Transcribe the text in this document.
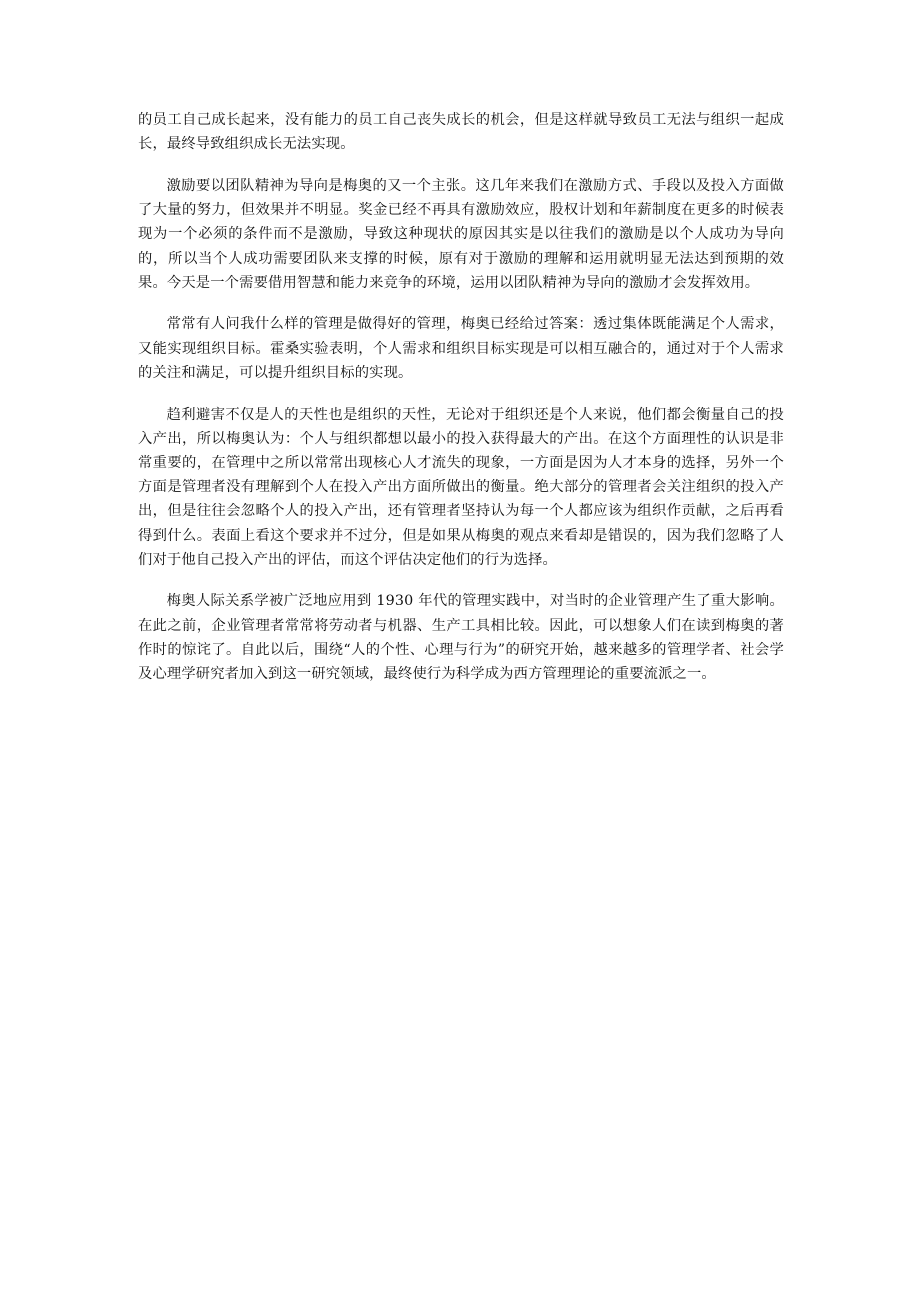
的员工自己成长起来，没有能力的员工自己丧失成长的机会，但是这样就导致员工无法与组织一起成长，最终导致组织成长无法实现。

激励要以团队精神为导向是梅奥的又一个主张。这几年来我们在激励方式、手段以及投入方面做了大量的努力，但效果并不明显。奖金已经不再具有激励效应，股权计划和年薪制度在更多的时候表现为一个必须的条件而不是激励，导致这种现状的原因其实是以往我们的激励是以个人成功为导向的，所以当个人成功需要团队来支撑的时候，原有对于激励的理解和运用就明显无法达到预期的效果。今天是一个需要借用智慧和能力来竞争的环境，运用以团队精神为导向的激励才会发挥效用。

常常有人问我什么样的管理是做得好的管理，梅奥已经给过答案：透过集体既能满足个人需求，又能实现组织目标。霍桑实验表明，个人需求和组织目标实现是可以相互融合的，通过对于个人需求的关注和满足，可以提升组织目标的实现。

趋利避害不仅是人的天性也是组织的天性，无论对于组织还是个人来说，他们都会衡量自己的投入产出，所以梅奥认为：个人与组织都想以最小的投入获得最大的产出。在这个方面理性的认识是非常重要的，在管理中之所以常常出现核心人才流失的现象，一方面是因为人才本身的选择，另外一个方面是管理者没有理解到个人在投入产出方面所做出的衡量。绝大部分的管理者会关注组织的投入产出，但是往往会忽略个人的投入产出，还有管理者坚持认为每一个人都应该为组织作贡献，之后再看得到什么。表面上看这个要求并不过分，但是如果从梅奥的观点来看却是错误的，因为我们忽略了人们对于他自己投入产出的评估，而这个评估决定他们的行为选择。

梅奥人际关系学被广泛地应用到 1930 年代的管理实践中，对当时的企业管理产生了重大影响。在此之前，企业管理者常常将劳动者与机器、生产工具相比较。因此，可以想象人们在读到梅奥的著作时的惊诧了。自此以后，围绕“人的个性、心理与行为”的研究开始，越来越多的管理学者、社会学及心理学研究者加入到这一研究领域，最终使行为科学成为西方管理理论的重要流派之一。
